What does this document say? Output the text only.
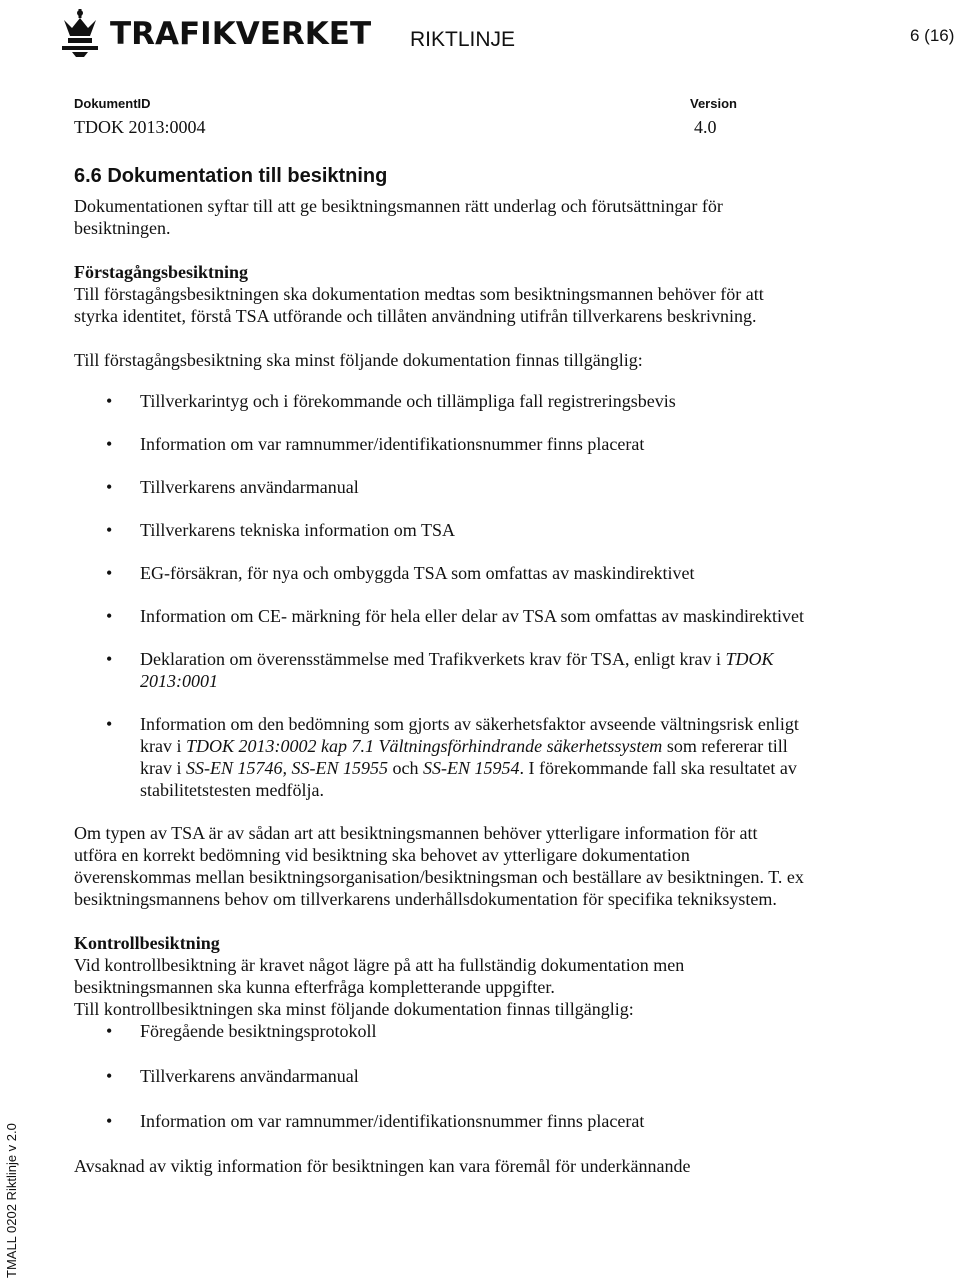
TRAFIKVERKET RIKTLINJE	6 (16)
DokumentID
TDOK 2013:0004
Version
4.0
6.6 Dokumentation till besiktning

Dokumentationen syftar till att ge besiktningsmannen rätt underlag och förutsättningar för besiktningen.

Förstagångsbesiktning

Till förstagångsbesiktningen ska dokumentation medtas som besiktningsmannen behöver för att styrka identitet, förstå TSA utförande och tillåten användning utifrån tillverkarens beskrivning.

Till förstagångsbesiktning ska minst följande dokumentation finnas tillgänglig:

• Tillverkarintyg och i förekommande och tillämpliga fall registreringsbevis
• Information om var ramnummer/identifikationsnummer finns placerat
• Tillverkarens användarmanual
• Tillverkarens tekniska information om TSA
• EG-försäkran, för nya och ombyggda TSA som omfattas av maskindirektivet
• Information om CE- märkning för hela eller delar av TSA som omfattas av maskindirektivet
• Deklaration om överensstämmelse med Trafikverkets krav för TSA, enligt krav i TDOK 2013:0001
• Information om den bedömning som gjorts av säkerhetsfaktor avseende vältningsrisk enligt krav i TDOK 2013:0002 kap 7.1 Vältningsförhindrande säkerhetssystem som refererar till krav i SS-EN 15746, SS-EN 15955 och SS-EN 15954. I förekommande fall ska resultatet av stabilitetstesten medfölja.

Om typen av TSA är av sådan art att besiktningsmannen behöver ytterligare information för att utföra en korrekt bedömning vid besiktning ska behovet av ytterligare dokumentation överenskommas mellan besiktningsorganisation/besiktningsman och beställare av besiktningen. T. ex besiktningsmannens behov om tillverkarens underhållsdokumentation för specifika tekniksystem.

Kontrollbesiktning

Vid kontrollbesiktning är kravet något lägre på att ha fullständig dokumentation men besiktningsmannen ska kunna efterfråga kompletterande uppgifter.

Till kontrollbesiktningen ska minst följande dokumentation finnas tillgänglig:

• Föregående besiktningsprotokoll
• Tillverkarens användarmanual
• Information om var ramnummer/identifikationsnummer finns placerat

Avsaknad av viktig information för besiktningen kan vara föremål för underkännande

TMALL 0202 Riktlinje v 2.0
